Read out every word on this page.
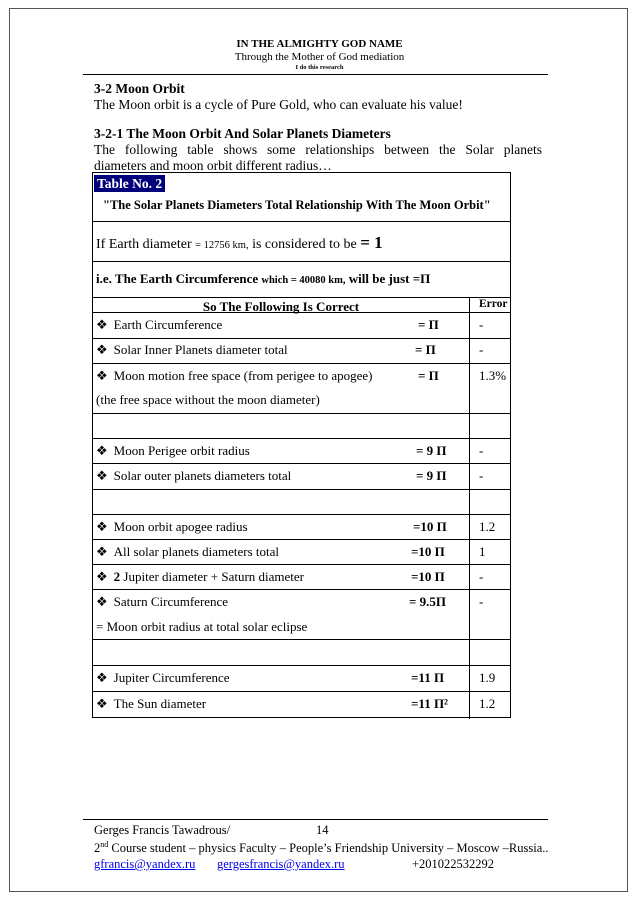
IN THE ALMIGHTY GOD NAME
Through the Mother of God mediation
I do this research
3-2 Moon Orbit
The Moon orbit is a cycle of Pure Gold, who can evaluate his value!
3-2-1 The Moon Orbit And Solar Planets Diameters
The following table shows some relationships between the Solar planets
diameters and moon orbit different radius…
Table No. 2
"The Solar Planets Diameters Total Relationship With The Moon Orbit"
If Earth diameter = 12756 km, is considered to be = 1
i.e. The Earth Circumference which = 40080 km, will be just =Π
So The Following Is Correct	Error
❖ Earth Circumference	= Π	-
❖ Solar Inner Planets diameter total	= Π	-
❖ Moon motion free space (from perigee to apogee)	= Π	1.3%
(the free space without the moon diameter)
❖ Moon Perigee orbit radius	= 9 Π -
❖ Solar outer planets diameters total	= 9 Π -
❖ Moon orbit apogee radius	=10 Π 1.2
❖ All solar planets diameters total	=10 Π	1
❖ 2 Jupiter diameter + Saturn diameter	=10 Π	-
❖ Saturn Circumference	= 9.5Π	-
= Moon orbit radius at total solar eclipse
❖ Jupiter Circumference	=11 Π	1.9
❖ The Sun diameter	=11 Π² 1.2
Gerges Francis Tawadrous/	14
2nd Course student – physics Faculty – People’s Friendship University – Moscow –Russia..
gfrancis@yandex.ru gergesfrancis@yandex.ru	+201022532292
